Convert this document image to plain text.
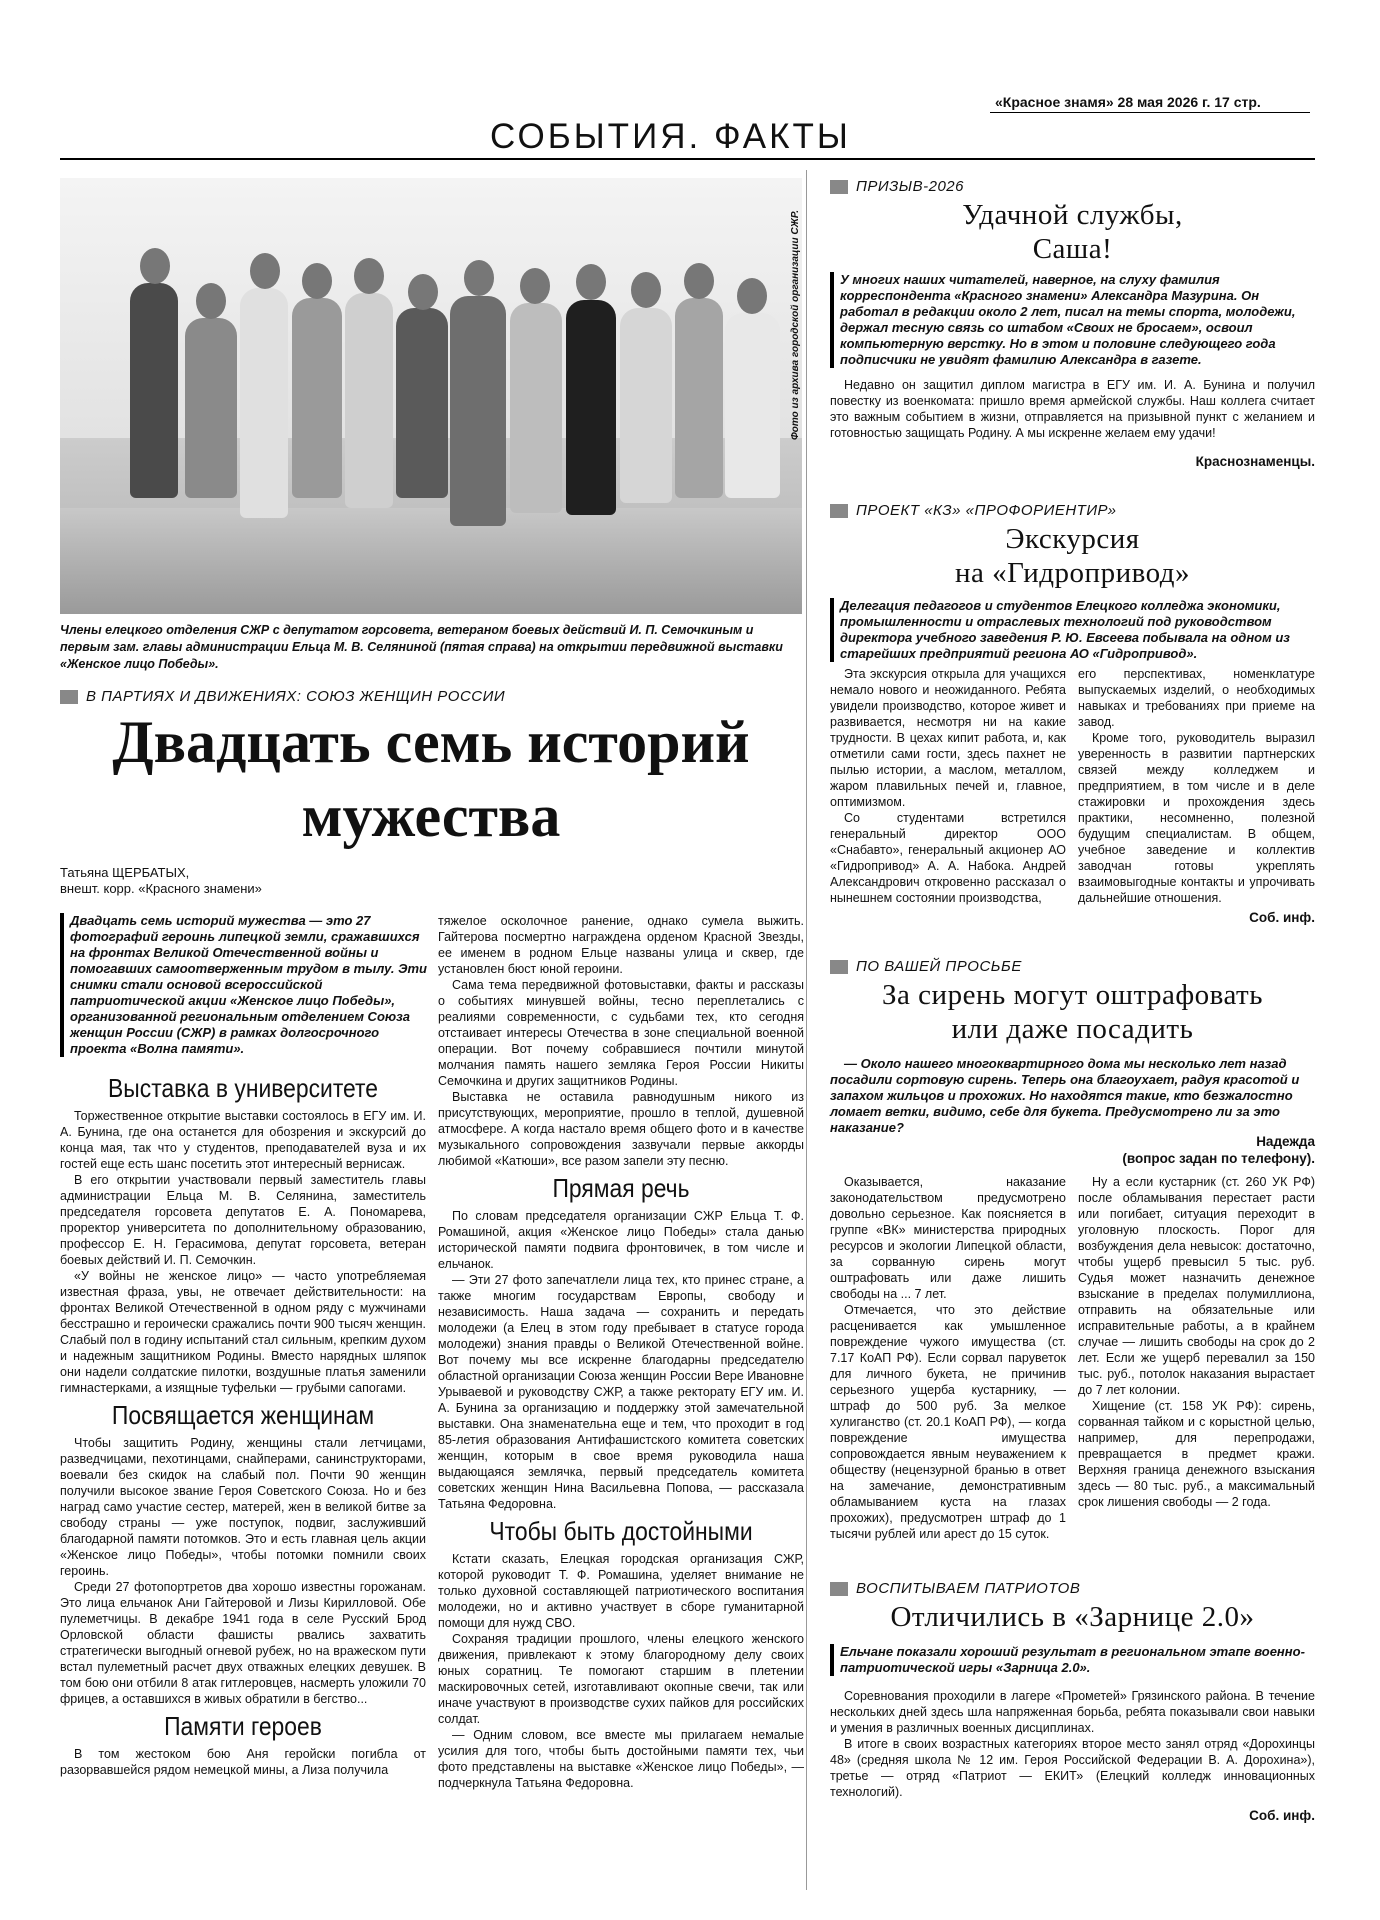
«Красное знамя» 28 мая 2026 г. 17 стр.
СОБЫТИЯ. ФАКТЫ
Фото из архива городской организации СЖР.
Члены елецкого отделения СЖР с депутатом горсовета, ветераном боевых действий И. П. Семочкиным и первым зам. главы администрации Ельца М. В. Селяниной (пятая справа) на открытии передвижной выставки «Женское лицо Победы».
В ПАРТИЯХ И ДВИЖЕНИЯХ: СОЮЗ ЖЕНЩИН РОССИИ
Двадцать семь историй
мужества
Татьяна ЩЕРБАТЫХ,
внешт. корр. «Красного знамени»
Двадцать семь историй мужества — это 27 фотографий героинь липецкой земли, сражавшихся на фронтах Великой Отечественной войны и помогавших самоотверженным трудом в тылу. Эти снимки стали основой всероссийской патриотической акции «Женское лицо Победы», организованной региональным отделением Союза женщин России (СЖР) в рамках долгосрочного проекта «Волна памяти».
Выставка в университете
Торжественное открытие выставки состоялось в ЕГУ им. И. А. Бунина, где она останется для обозрения и экскурсий до конца мая, так что у студентов, преподавателей вуза и их гостей еще есть шанс посетить этот интересный вернисаж.
В его открытии участвовали первый заместитель главы администрации Ельца М. В. Селянина, заместитель председателя горсовета депутатов Е. А. Пономарева, проректор университета по дополнительному образованию, профессор Е. Н. Герасимова, депутат горсовета, ветеран боевых действий И. П. Семочкин.
«У войны не женское лицо» — часто употребляемая известная фраза, увы, не отвечает действительности: на фронтах Великой Отечественной в одном ряду с мужчинами бесстрашно и героически сражались почти 900 тысяч женщин. Слабый пол в годину испытаний стал сильным, крепким духом и надежным защитником Родины. Вместо нарядных шляпок они надели солдатские пилотки, воздушные платья заменили гимнастерками, а изящные туфельки — грубыми сапогами.
Посвящается женщинам
Чтобы защитить Родину, женщины стали летчицами, разведчицами, пехотинцами, снайперами, санинструкторами, воевали без скидок на слабый пол. Почти 90 женщин получили высокое звание Героя Советского Союза. Но и без наград само участие сестер, матерей, жен в великой битве за свободу страны — уже поступок, подвиг, заслуживший благодарной памяти потомков. Это и есть главная цель акции «Женское лицо Победы», чтобы потомки помнили своих героинь.
Среди 27 фотопортретов два хорошо известны горожанам. Это лица ельчанок Ани Гайтеровой и Лизы Кирилловой. Обе пулеметчицы. В декабре 1941 года в селе Русский Брод Орловской области фашисты рвались захватить стратегически выгодный огневой рубеж, но на вражеском пути встал пулеметный расчет двух отважных елецких девушек. В том бою они отбили 8 атак гитлеровцев, насмерть уложили 70 фрицев, а оставшихся в живых обратили в бегство...
Памяти героев
В том жестоком бою Аня геройски погибла от разорвавшейся рядом немецкой мины, а Лиза получила
тяжелое осколочное ранение, однако сумела выжить. Гайтерова посмертно награждена орденом Красной Звезды, ее именем в родном Ельце названы улица и сквер, где установлен бюст юной героини.
Сама тема передвижной фотовыставки, факты и рассказы о событиях минувшей войны, тесно переплетались с реалиями современности, с судьбами тех, кто сегодня отстаивает интересы Отечества в зоне специальной военной операции. Вот почему собравшиеся почтили минутой молчания память нашего земляка Героя России Никиты Семочкина и других защитников Родины.
Выставка не оставила равнодушным никого из присутствующих, мероприятие, прошло в теплой, душевной атмосфере. А когда настало время общего фото и в качестве музыкального сопровождения зазвучали первые аккорды любимой «Катюши», все разом запели эту песню.
Прямая речь
По словам председателя организации СЖР Ельца Т. Ф. Ромашиной, акция «Женское лицо Победы» стала данью исторической памяти подвига фронтовичек, в том числе и ельчанок.
— Эти 27 фото запечатлели лица тех, кто принес стране, а также многим государствам Европы, свободу и независимость. Наша задача — сохранить и передать молодежи (а Елец в этом году пребывает в статусе города молодежи) знания правды о Великой Отечественной войне. Вот почему мы все искренне благодарны председателю областной организации Союза женщин России Вере Ивановне Урываевой и руководству СЖР, а также ректорату ЕГУ им. И. А. Бунина за организацию и поддержку этой замечательной выставки. Она знаменательна еще и тем, что проходит в год 85-летия образования Антифашистского комитета советских женщин, которым в свое время руководила наша выдающаяся землячка, первый председатель комитета советских женщин Нина Васильевна Попова, — рассказала Татьяна Федоровна.
Чтобы быть достойными
Кстати сказать, Елецкая городская организация СЖР, которой руководит Т. Ф. Ромашина, уделяет внимание не только духовной составляющей патриотического воспитания молодежи, но и активно участвует в сборе гуманитарной помощи для нужд СВО.
Сохраняя традиции прошлого, члены елецкого женского движения, привлекают к этому благородному делу своих юных соратниц. Те помогают старшим в плетении маскировочных сетей, изготавливают окопные свечи, так или иначе участвуют в производстве сухих пайков для российских солдат.
— Одним словом, все вместе мы прилагаем немалые усилия для того, чтобы быть достойными памяти тех, чьи фото представлены на выставке «Женское лицо Победы», — подчеркнула Татьяна Федоровна.
ПРИЗЫВ-2026
Удачной службы,
Саша!
У многих наших читателей, наверное, на слуху фамилия корреспондента «Красного знамени» Александра Мазурина. Он работал в редакции около 2 лет, писал на темы спорта, молодежи, держал тесную связь со штабом «Своих не бросаем», освоил компьютерную верстку. Но в этом и половине следующего года подписчики не увидят фамилию Александра в газете.
Недавно он защитил диплом магистра в ЕГУ им. И. А. Бунина и получил повестку из военкомата: пришло время армейской службы. Наш коллега считает это важным событием в жизни, отправляется на призывной пункт с желанием и готовностью защищать Родину. А мы искренне желаем ему удачи!
Краснознаменцы.
ПРОЕКТ «КЗ» «ПРОФОРИЕНТИР»
Экскурсия
на «Гидропривод»
Делегация педагогов и студентов Елецкого колледжа экономики, промышленности и отраслевых технологий под руководством директора учебного заведения Р. Ю. Евсеева побывала на одном из старейших предприятий региона АО «Гидропривод».
Эта экскурсия открыла для учащихся немало нового и неожиданного. Ребята увидели производство, которое живет и развивается, несмотря ни на какие трудности. В цехах кипит работа, и, как отметили сами гости, здесь пахнет не пылью истории, а маслом, металлом, жаром плавильных печей и, главное, оптимизмом.
Со студентами встретился генеральный директор ООО «Снабавто», генеральный акционер АО «Гидропривод» А. А. Набока. Андрей Александрович откровенно рассказал о нынешнем состоянии производства,
его перспективах, номенклатуре выпускаемых изделий, о необходимых навыках и требованиях при приеме на завод.
Кроме того, руководитель выразил уверенность в развитии партнерских связей между колледжем и предприятием, в том числе и в деле стажировки и прохождения здесь практики, несомненно, полезной будущим специалистам. В общем, учебное заведение и коллектив заводчан готовы укреплять взаимовыгодные контакты и упрочивать дальнейшие отношения.
Соб. инф.
ПО ВАШЕЙ ПРОСЬБЕ
За сирень могут оштрафовать
или даже посадить
— Около нашего многоквартирного дома мы несколько лет назад посадили сортовую сирень. Теперь она благоухает, радуя красотой и запахом жильцов и прохожих. Но находятся такие, кто безжалостно ломает ветки, видимо, себе для букета. Предусмотрено ли за это наказание?
Надежда
(вопрос задан по телефону).
Оказывается, наказание законодательством предусмотрено довольно серьезное. Как поясняется в группе «ВК» министерства природных ресурсов и экологии Липецкой области, за сорванную сирень могут оштрафовать или даже лишить свободы на ... 7 лет.
Отмечается, что это действие расценивается как умышленное повреждение чужого имущества (ст. 7.17 КоАП РФ). Если сорвал паруветок для личного букета, не причинив серьезного ущерба кустарнику, — штраф до 500 руб. За мелкое хулиганство (ст. 20.1 КоАП РФ), — когда повреждение имущества сопровождается явным неуважением к обществу (нецензурной бранью в ответ на замечание, демонстративным обламыванием куста на глазах прохожих), предусмотрен штраф до 1 тысячи рублей или арест до 15 суток.
Ну а если кустарник (ст. 260 УК РФ) после обламывания перестает расти или погибает, ситуация переходит в уголовную плоскость. Порог для возбуждения дела невысок: достаточно, чтобы ущерб превысил 5 тыс. руб. Судья может назначить денежное взыскание в пределах полумиллиона, отправить на обязательные или исправительные работы, а в крайнем случае — лишить свободы на срок до 2 лет. Если же ущерб перевалил за 150 тыс. руб., потолок наказания вырастает до 7 лет колонии.
Хищение (ст. 158 УК РФ): сирень, сорванная тайком и с корыстной целью, например, для перепродажи, превращается в предмет кражи. Верхняя граница денежного взыскания здесь — 80 тыс. руб., а максимальный срок лишения свободы — 2 года.
ВОСПИТЫВАЕМ ПАТРИОТОВ
Отличились в «Зарнице 2.0»
Ельчане показали хороший результат в региональном этапе военно-патриотической игры «Зарница 2.0».
Соревнования проходили в лагере «Прометей» Грязинского района. В течение нескольких дней здесь шла напряженная борьба, ребята показывали свои навыки и умения в различных военных дисциплинах.
В итоге в своих возрастных категориях второе место занял отряд «Дорохинцы 48» (средняя школа № 12 им. Героя Российской Федерации В. А. Дорохина»), третье — отряд «Патриот — ЕКИТ» (Елецкий колледж инновационных технологий).
Соб. инф.
